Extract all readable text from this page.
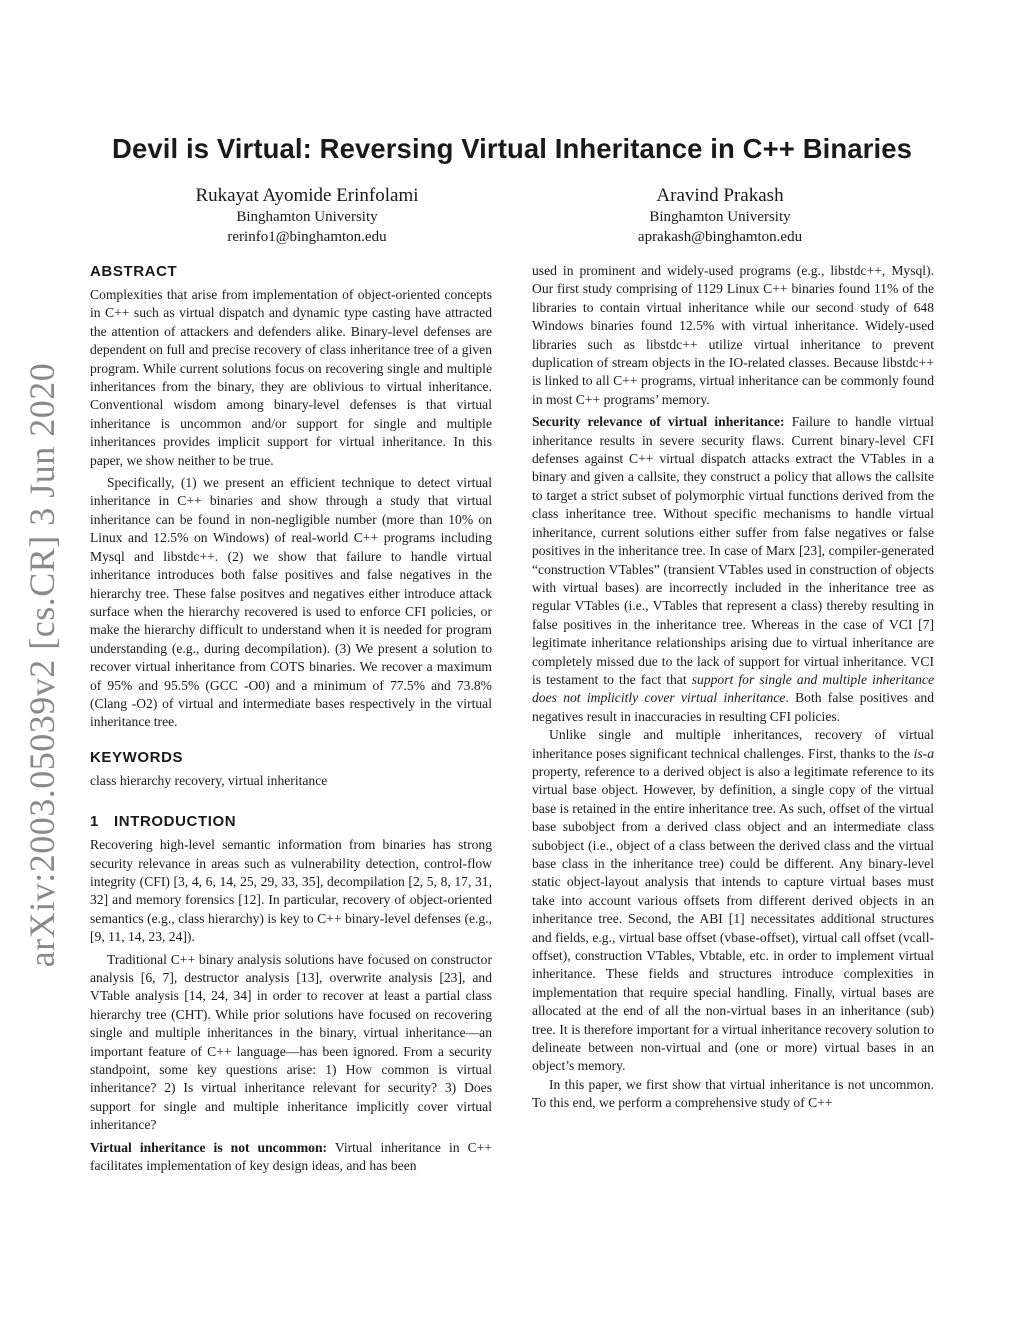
Devil is Virtual: Reversing Virtual Inheritance in C++ Binaries
Rukayat Ayomide Erinfolami
Binghamton University
rerinfo1@binghamton.edu
Aravind Prakash
Binghamton University
aprakash@binghamton.edu
arXiv:2003.05039v2 [cs.CR] 3 Jun 2020
ABSTRACT

Complexities that arise from implementation of object-oriented concepts in C++ such as virtual dispatch and dynamic type casting have attracted the attention of attackers and defenders alike. Binary-level defenses are dependent on full and precise recovery of class inheritance tree of a given program. While current solutions focus on recovering single and multiple inheritances from the binary, they are oblivious to virtual inheritance. Conventional wisdom among binary-level defenses is that virtual inheritance is uncommon and/or support for single and multiple inheritances provides implicit support for virtual inheritance. In this paper, we show neither to be true.

Specifically, (1) we present an efficient technique to detect virtual inheritance in C++ binaries and show through a study that virtual inheritance can be found in non-negligible number (more than 10% on Linux and 12.5% on Windows) of real-world C++ programs including Mysql and libstdc++. (2) we show that failure to handle virtual inheritance introduces both false positives and false negatives in the hierarchy tree. These false positves and negatives either introduce attack surface when the hierarchy recovered is used to enforce CFI policies, or make the hierarchy difficult to understand when it is needed for program understanding (e.g., during decompilation). (3) We present a solution to recover virtual inheritance from COTS binaries. We recover a maximum of 95% and 95.5% (GCC -O0) and a minimum of 77.5% and 73.8% (Clang -O2) of virtual and intermediate bases respectively in the virtual inheritance tree.

KEYWORDS

class hierarchy recovery, virtual inheritance

1 INTRODUCTION

Recovering high-level semantic information from binaries has strong security relevance in areas such as vulnerability detection, control-flow integrity (CFI) [3, 4, 6, 14, 25, 29, 33, 35], decompilation [2, 5, 8, 17, 31, 32] and memory forensics [12]. In particular, recovery of object-oriented semantics (e.g., class hierarchy) is key to C++ binary-level defenses (e.g., [9, 11, 14, 23, 24]).

Traditional C++ binary analysis solutions have focused on constructor analysis [6, 7], destructor analysis [13], overwrite analysis [23], and VTable analysis [14, 24, 34] in order to recover at least a partial class hierarchy tree (CHT). While prior solutions have focused on recovering single and multiple inheritances in the binary, virtual inheritance—an important feature of C++ language—has been ignored. From a security standpoint, some key questions arise: 1) How common is virtual inheritance? 2) Is virtual inheritance relevant for security? 3) Does support for single and multiple inheritance implicitly cover virtual inheritance?

Virtual inheritance is not uncommon: Virtual inheritance in C++ facilitates implementation of key design ideas, and has been

used in prominent and widely-used programs (e.g., libstdc++, Mysql). Our first study comprising of 1129 Linux C++ binaries found 11% of the libraries to contain virtual inheritance while our second study of 648 Windows binaries found 12.5% with virtual inheritance. Widely-used libraries such as libstdc++ utilize virtual inheritance to prevent duplication of stream objects in the IO-related classes. Because libstdc++ is linked to all C++ programs, virtual inheritance can be commonly found in most C++ programs’ memory.

Security relevance of virtual inheritance: Failure to handle virtual inheritance results in severe security flaws. Current binary-level CFI defenses against C++ virtual dispatch attacks extract the VTables in a binary and given a callsite, they construct a policy that allows the callsite to target a strict subset of polymorphic virtual functions derived from the class inheritance tree. Without specific mechanisms to handle virtual inheritance, current solutions either suffer from false negatives or false positives in the inheritance tree. In case of Marx [23], compiler-generated “construction VTables” (transient VTables used in construction of objects with virtual bases) are incorrectly included in the inheritance tree as regular VTables (i.e., VTables that represent a class) thereby resulting in false positives in the inheritance tree. Whereas in the case of VCI [7] legitimate inheritance relationships arising due to virtual inheritance are completely missed due to the lack of support for virtual inheritance. VCI is testament to the fact that support for single and multiple inheritance does not implicitly cover virtual inheritance. Both false positives and negatives result in inaccuracies in resulting CFI policies.

Unlike single and multiple inheritances, recovery of virtual inheritance poses significant technical challenges. First, thanks to the is-a property, reference to a derived object is also a legitimate reference to its virtual base object. However, by definition, a single copy of the virtual base is retained in the entire inheritance tree. As such, offset of the virtual base subobject from a derived class object and an intermediate class subobject (i.e., object of a class between the derived class and the virtual base class in the inheritance tree) could be different. Any binary-level static object-layout analysis that intends to capture virtual bases must take into account various offsets from different derived objects in an inheritance tree. Second, the ABI [1] necessitates additional structures and fields, e.g., virtual base offset (vbase-offset), virtual call offset (vcall-offset), construction VTables, Vbtable, etc. in order to implement virtual inheritance. These fields and structures introduce complexities in implementation that require special handling. Finally, virtual bases are allocated at the end of all the non-virtual bases in an inheritance (sub) tree. It is therefore important for a virtual inheritance recovery solution to delineate between non-virtual and (one or more) virtual bases in an object’s memory.

In this paper, we first show that virtual inheritance is not uncommon. To this end, we perform a comprehensive study of C++
